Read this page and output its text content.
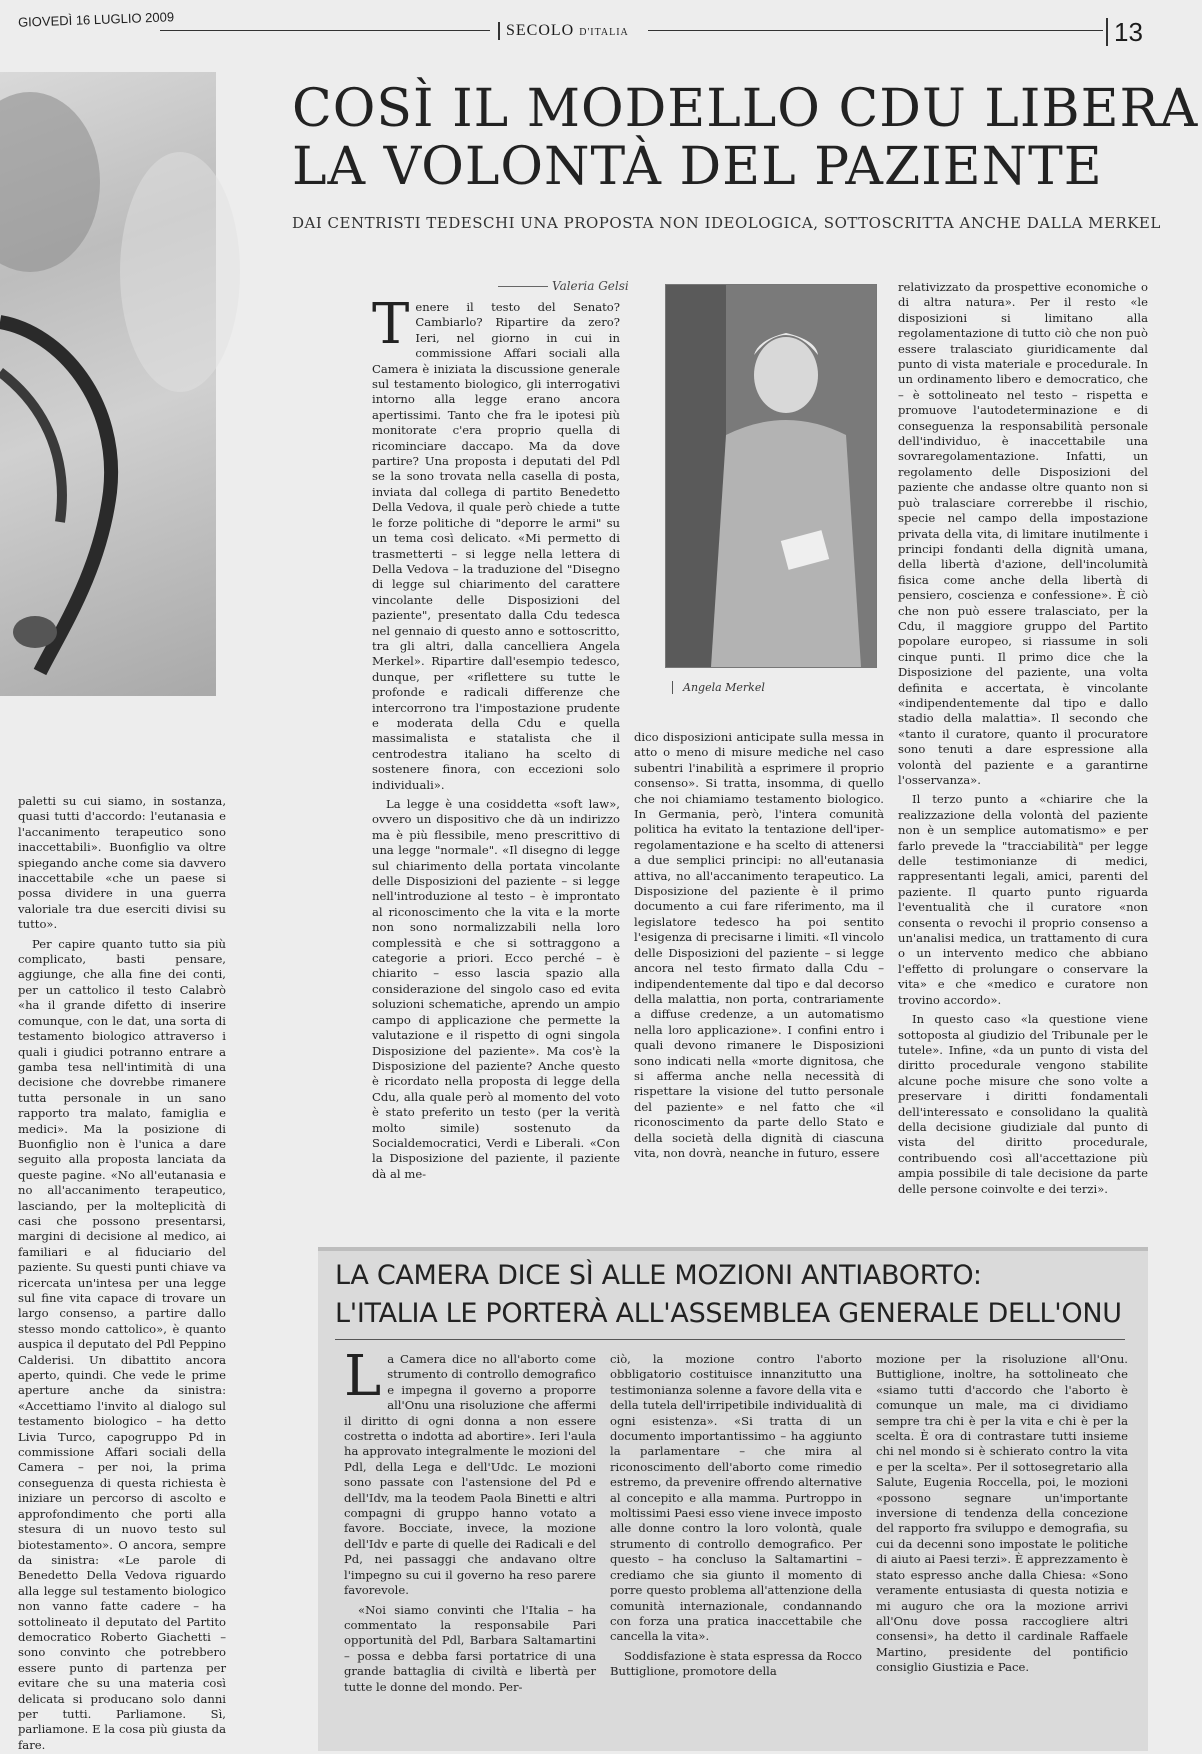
GIOVEDÌ 16 LUGLIO 2009
SECOLO D'ITALIA	13
COSÌ IL MODELLO CDU LIBERA
LA VOLONTÀ DEL PAZIENTE
DAI CENTRISTI TEDESCHI UNA PROPOSTA NON IDEOLOGICA, SOTTOSCRITTA ANCHE DALLA MERKEL
Valeria Gelsi

paletti su cui siamo, in sostanza, quasi tutti d'accordo: l'eutanasia e l'accanimento terapeutico sono inaccettabili». Buonfiglio va oltre spiegando anche come sia davvero inaccettabile «che un paese si possa dividere in una guerra valoriale tra due eserciti divisi su tutto».

Per capire quanto tutto sia più complicato, basti pensare, aggiunge, che alla fine dei conti, per un cattolico il testo Calabrò «ha il grande difetto di inserire comunque, con le dat, una sorta di testamento biologico attraverso i quali i giudici potranno entrare a gamba tesa nell'intimità di una decisione che dovrebbe rimanere tutta personale in un sano rapporto tra malato, famiglia e medici». Ma la posizione di Buonfiglio non è l'unica a dare seguito alla proposta lanciata da queste pagine. «No all'eutanasia e no all'accanimento terapeutico, lasciando, per la molteplicità di casi che possono presentarsi, margini di decisione al medico, ai familiari e al fiduciario del paziente. Su questi punti chiave va ricercata un'intesa per una legge sul fine vita capace di trovare un largo consenso, a partire dallo stesso mondo cattolico», è quanto auspica il deputato del Pdl Peppino Calderisi. Un dibattito ancora aperto, quindi. Che vede le prime aperture anche da sinistra: «Accettiamo l'invito al dialogo sul testamento biologico – ha detto Livia Turco, capogruppo Pd in commissione Affari sociali della Camera – per noi, la prima conseguenza di questa richiesta è iniziare un percorso di ascolto e approfondimento che porti alla stesura di un nuovo testo sul biotestamento». O ancora, sempre da sinistra: «Le parole di Benedetto Della Vedova riguardo alla legge sul testamento biologico non vanno fatte cadere – ha sottolineato il deputato del Partito democratico Roberto Giachetti – sono convinto che potrebbero essere punto di partenza per evitare che su una materia così delicata si producano solo danni per tutti. Parliamone. Sì, parliamone. E la cosa più giusta da fare.

T enere il testo del Senato? Cambiarlo? Ripartire da zero? Ieri, nel giorno in cui in commissione Affari sociali alla Camera è iniziata la discussione generale sul testamento biologico, gli interrogativi intorno alla legge erano ancora apertissimi. Tanto che fra le ipotesi più monitorate c'era proprio quella di ricominciare daccapo. Ma da dove partire? Una proposta i deputati del Pdl se la sono trovata nella casella di posta, inviata dal collega di partito Benedetto Della Vedova, il quale però chiede a tutte le forze politiche di "deporre le armi" su un tema così delicato. «Mi permetto di trasmetterti – si legge nella lettera di Della Vedova – la traduzione del "Disegno di legge sul chiarimento del carattere vincolante delle Disposizioni del paziente", presentato dalla Cdu tedesca nel gennaio di questo anno e sottoscritto, tra gli altri, dalla cancelliera Angela Merkel». Ripartire dall'esempio tedesco, dunque, per «riflettere su tutte le profonde e radicali differenze che intercorrono tra l'impostazione prudente e moderata della Cdu e quella massimalista e statalista che il centrodestra italiano ha scelto di sostenere finora, con eccezioni solo individuali».

La legge è una cosiddetta «soft law», ovvero un dispositivo che dà un indirizzo ma è più flessibile, meno prescrittivo di una legge "normale". «Il disegno di legge sul chiarimento della portata vincolante delle Disposizioni del paziente – si legge nell'introduzione al testo – è improntato al riconoscimento che la vita e la morte non sono normalizzabili nella loro complessità e che si sottraggono a categorie a priori. Ecco perché – è chiarito – esso lascia spazio alla considerazione del singolo caso ed evita soluzioni schematiche, aprendo un ampio campo di applicazione che permette la valutazione e il rispetto di ogni singola Disposizione del paziente». Ma cos'è la Disposizione del paziente? Anche questo è ricordato nella proposta di legge della Cdu, alla quale però al momento del voto è stato preferito un testo (per la verità molto simile) sostenuto da Socialdemocratici, Verdi e Liberali. «Con la Disposizione del paziente, il paziente dà al me-

Angela Merkel

dico disposizioni anticipate sulla messa in atto o meno di misure mediche nel caso subentri l'inabilità a esprimere il proprio consenso». Si tratta, insomma, di quello che noi chiamiamo testamento biologico. In Germania, però, l'intera comunità politica ha evitato la tentazione dell'iper-regolamentazione e ha scelto di attenersi a due semplici principi: no all'eutanasia attiva, no all'accanimento terapeutico. La Disposizione del paziente è il primo documento a cui fare riferimento, ma il legislatore tedesco ha poi sentito l'esigenza di precisarne i limiti. «Il vincolo delle Disposizioni del paziente – si legge ancora nel testo firmato dalla Cdu – indipendentemente dal tipo e dal decorso della malattia, non porta, contrariamente a diffuse credenze, a un automatismo nella loro applicazione». I confini entro i quali devono rimanere le Disposizioni sono indicati nella «morte dignitosa, che si afferma anche nella necessità di rispettare la visione del tutto personale del paziente» e nel fatto che «il riconoscimento da parte dello Stato e della società della dignità di ciascuna vita, non dovrà, neanche in futuro, essere

relativizzato da prospettive economiche o di altra natura». Per il resto «le disposizioni si limitano alla regolamentazione di tutto ciò che non può essere tralasciato giuridicamente dal punto di vista materiale e procedurale. In un ordinamento libero e democratico, che – è sottolineato nel testo – rispetta e promuove l'autodeterminazione e di conseguenza la responsabilità personale dell'individuo, è inaccettabile una sovraregolamentazione. Infatti, un regolamento delle Disposizioni del paziente che andasse oltre quanto non si può tralasciare correrebbe il rischio, specie nel campo della impostazione privata della vita, di limitare inutilmente i principi fondanti della dignità umana, della libertà d'azione, dell'incolumità fisica come anche della libertà di pensiero, coscienza e confessione». È ciò che non può essere tralasciato, per la Cdu, il maggiore gruppo del Partito popolare europeo, si riassume in soli cinque punti. Il primo dice che la Disposizione del paziente, una volta definita e accertata, è vincolante «indipendentemente dal tipo e dallo stadio della malattia». Il secondo che «tanto il curatore, quanto il procuratore sono tenuti a dare espressione alla volontà del paziente e a garantirne l'osservanza».

Il terzo punto a «chiarire che la realizzazione della volontà del paziente non è un semplice automatismo» e per farlo prevede la "tracciabilità" per legge delle testimonianze di medici, rappresentanti legali, amici, parenti del paziente. Il quarto punto riguarda l'eventualità che il curatore «non consenta o revochi il proprio consenso a un'analisi medica, un trattamento di cura o un intervento medico che abbiano l'effetto di prolungare o conservare la vita» e che «medico e curatore non trovino accordo».

In questo caso «la questione viene sottoposta al giudizio del Tribunale per le tutele». Infine, «da un punto di vista del diritto procedurale vengono stabilite alcune poche misure che sono volte a preservare i diritti fondamentali dell'interessato e consolidano la qualità della decisione giudiziale dal punto di vista del diritto procedurale, contribuendo così all'accettazione più ampia possibile di tale decisione da parte delle persone coinvolte e dei terzi».

LA CAMERA DICE SÌ ALLE MOZIONI ANTIABORTO:
L'ITALIA LE PORTERÀ ALL'ASSEMBLEA GENERALE DELL'ONU
L a Camera dice no all'aborto come strumento di controllo demografico e impegna il governo a proporre all'Onu una risoluzione che affermi il diritto di ogni donna a non essere costretta o indotta ad abortire». Ieri l'aula ha approvato integralmente le mozioni del Pdl, della Lega e dell'Udc. Le mozioni sono passate con l'astensione del Pd e dell'Idv, ma la teodem Paola Binetti e altri compagni di gruppo hanno votato a favore. Bocciate, invece, la mozione dell'Idv e parte di quelle dei Radicali e del Pd, nei passaggi che andavano oltre l'impegno su cui il governo ha reso parere favorevole.

«Noi siamo convinti che l'Italia – ha commentato la responsabile Pari opportunità del Pdl, Barbara Saltamartini – possa e debba farsi portatrice di una grande battaglia di civiltà e libertà per tutte le donne del mondo. Per-

ciò, la mozione contro l'aborto obbligatorio costituisce innanzitutto una testimonianza solenne a favore della vita e della tutela dell'irripetibile individualità di ogni esistenza». «Si tratta di un documento importantissimo – ha aggiunto la parlamentare – che mira al riconoscimento dell'aborto come rimedio estremo, da prevenire offrendo alternative al concepito e alla mamma. Purtroppo in moltissimi Paesi esso viene invece imposto alle donne contro la loro volontà, quale strumento di controllo demografico. Per questo – ha concluso la Saltamartini – crediamo che sia giunto il momento di porre questo problema all'attenzione della comunità internazionale, condannando con forza una pratica inaccettabile che cancella la vita».

Soddisfazione è stata espressa da Rocco Buttiglione, promotore della

mozione per la risoluzione all'Onu. Buttiglione, inoltre, ha sottolineato che «siamo tutti d'accordo che l'aborto è comunque un male, ma ci dividiamo sempre tra chi è per la vita e chi è per la scelta. È ora di contrastare tutti insieme chi nel mondo si è schierato contro la vita e per la scelta». Per il sottosegretario alla Salute, Eugenia Roccella, poi, le mozioni «possono segnare un'importante inversione di tendenza della concezione del rapporto fra sviluppo e demografia, su cui da decenni sono impostate le politiche di aiuto ai Paesi terzi». È apprezzamento è stato espresso anche dalla Chiesa: «Sono veramente entusiasta di questa notizia e mi auguro che ora la mozione arrivi all'Onu dove possa raccogliere altri consensi», ha detto il cardinale Raffaele Martino, presidente del pontificio consiglio Giustizia e Pace.
